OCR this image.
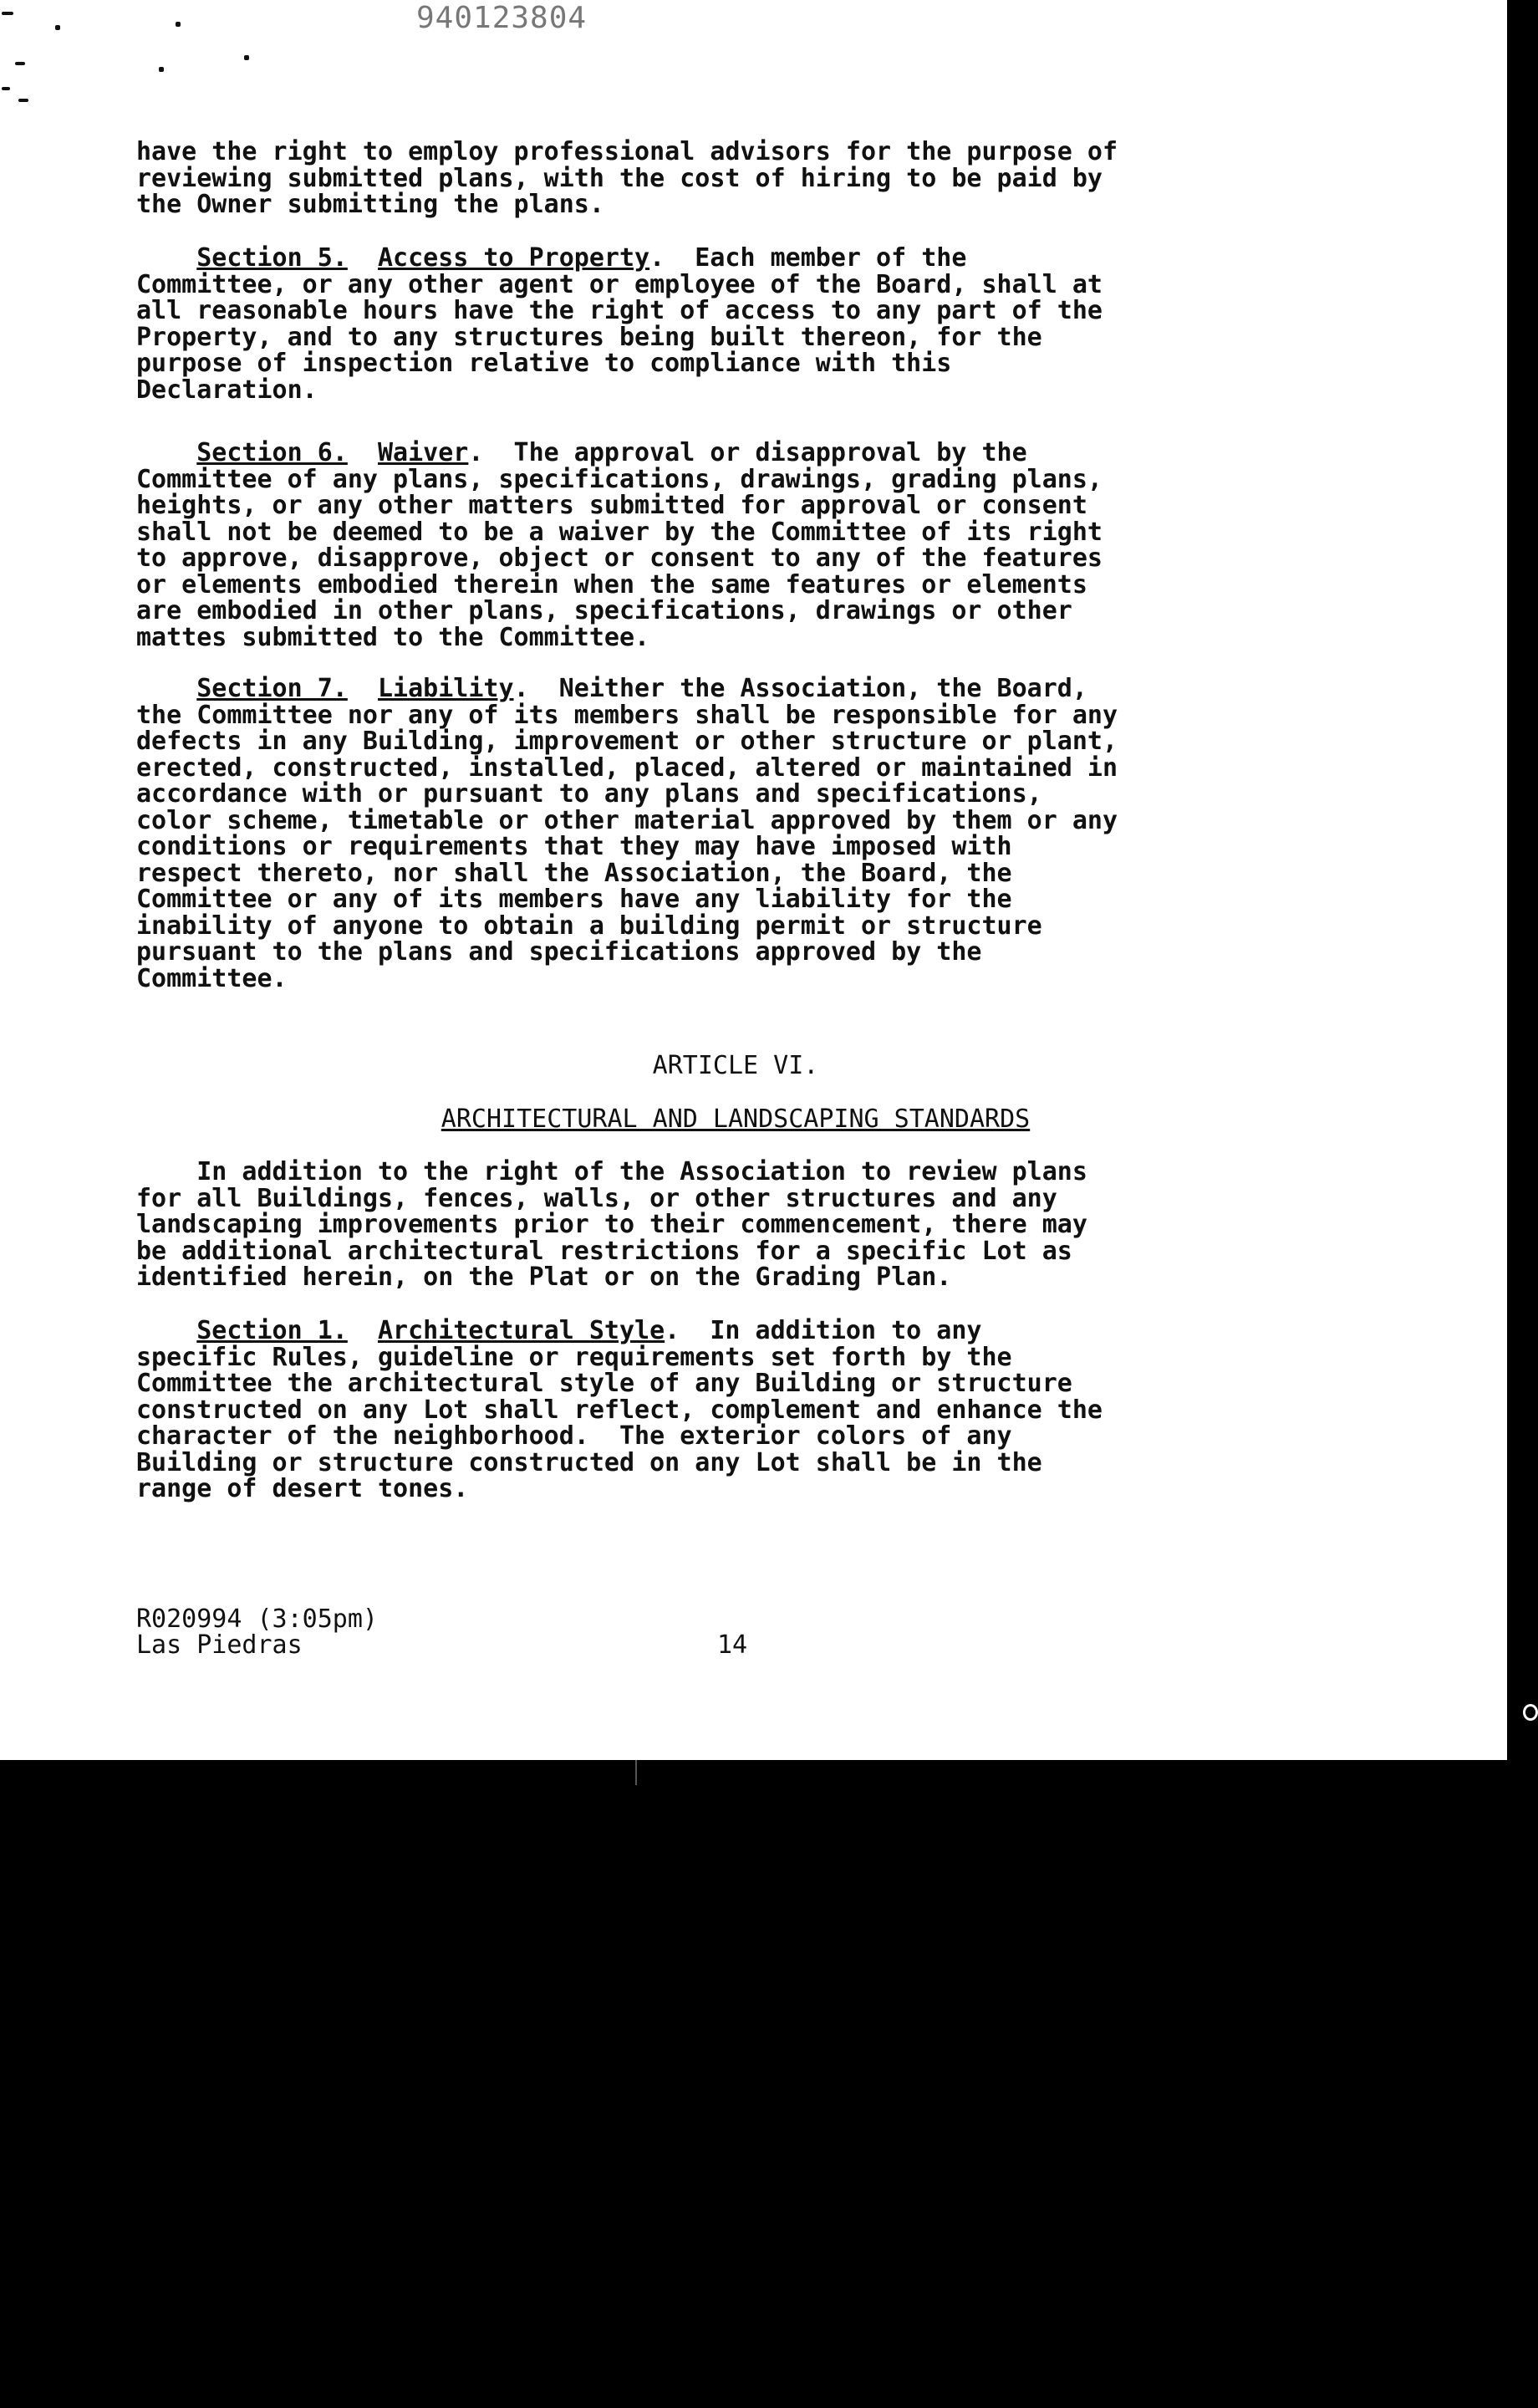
940123804
have the right to employ professional advisors for the purpose of
reviewing submitted plans, with the cost of hiring to be paid by
the Owner submitting the plans.
Section 5. Access to Property.  Each member of the
Committee, or any other agent or employee of the Board, shall at
all reasonable hours have the right of access to any part of the
Property, and to any structures being built thereon, for the
purpose of inspection relative to compliance with this
Declaration.
Section 6. Waiver.  The approval or disapproval by the
Committee of any plans, specifications, drawings, grading plans,
heights, or any other matters submitted for approval or consent
shall not be deemed to be a waiver by the Committee of its right
to approve, disapprove, object or consent to any of the features
or elements embodied therein when the same features or elements
are embodied in other plans, specifications, drawings or other
mattes submitted to the Committee.
Section 7. Liability.  Neither the Association, the Board,
the Committee nor any of its members shall be responsible for any
defects in any Building, improvement or other structure or plant,
erected, constructed, installed, placed, altered or maintained in
accordance with or pursuant to any plans and specifications,
color scheme, timetable or other material approved by them or any
conditions or requirements that they may have imposed with
respect thereto, nor shall the Association, the Board, the
Committee or any of its members have any liability for the
inability of anyone to obtain a building permit or structure
pursuant to the plans and specifications approved by the
Committee.
ARTICLE VI.
ARCHITECTURAL AND LANDSCAPING STANDARDS
In addition to the right of the Association to review plans
for all Buildings, fences, walls, or other structures and any
landscaping improvements prior to their commencement, there may
be additional architectural restrictions for a specific Lot as
identified herein, on the Plat or on the Grading Plan.
Section 1. Architectural Style.  In addition to any
specific Rules, guideline or requirements set forth by the
Committee the architectural style of any Building or structure
constructed on any Lot shall reflect, complement and enhance the
character of the neighborhood.  The exterior colors of any
Building or structure constructed on any Lot shall be in the
range of desert tones.
R020994 (3:05pm)
Las Piedras	14
